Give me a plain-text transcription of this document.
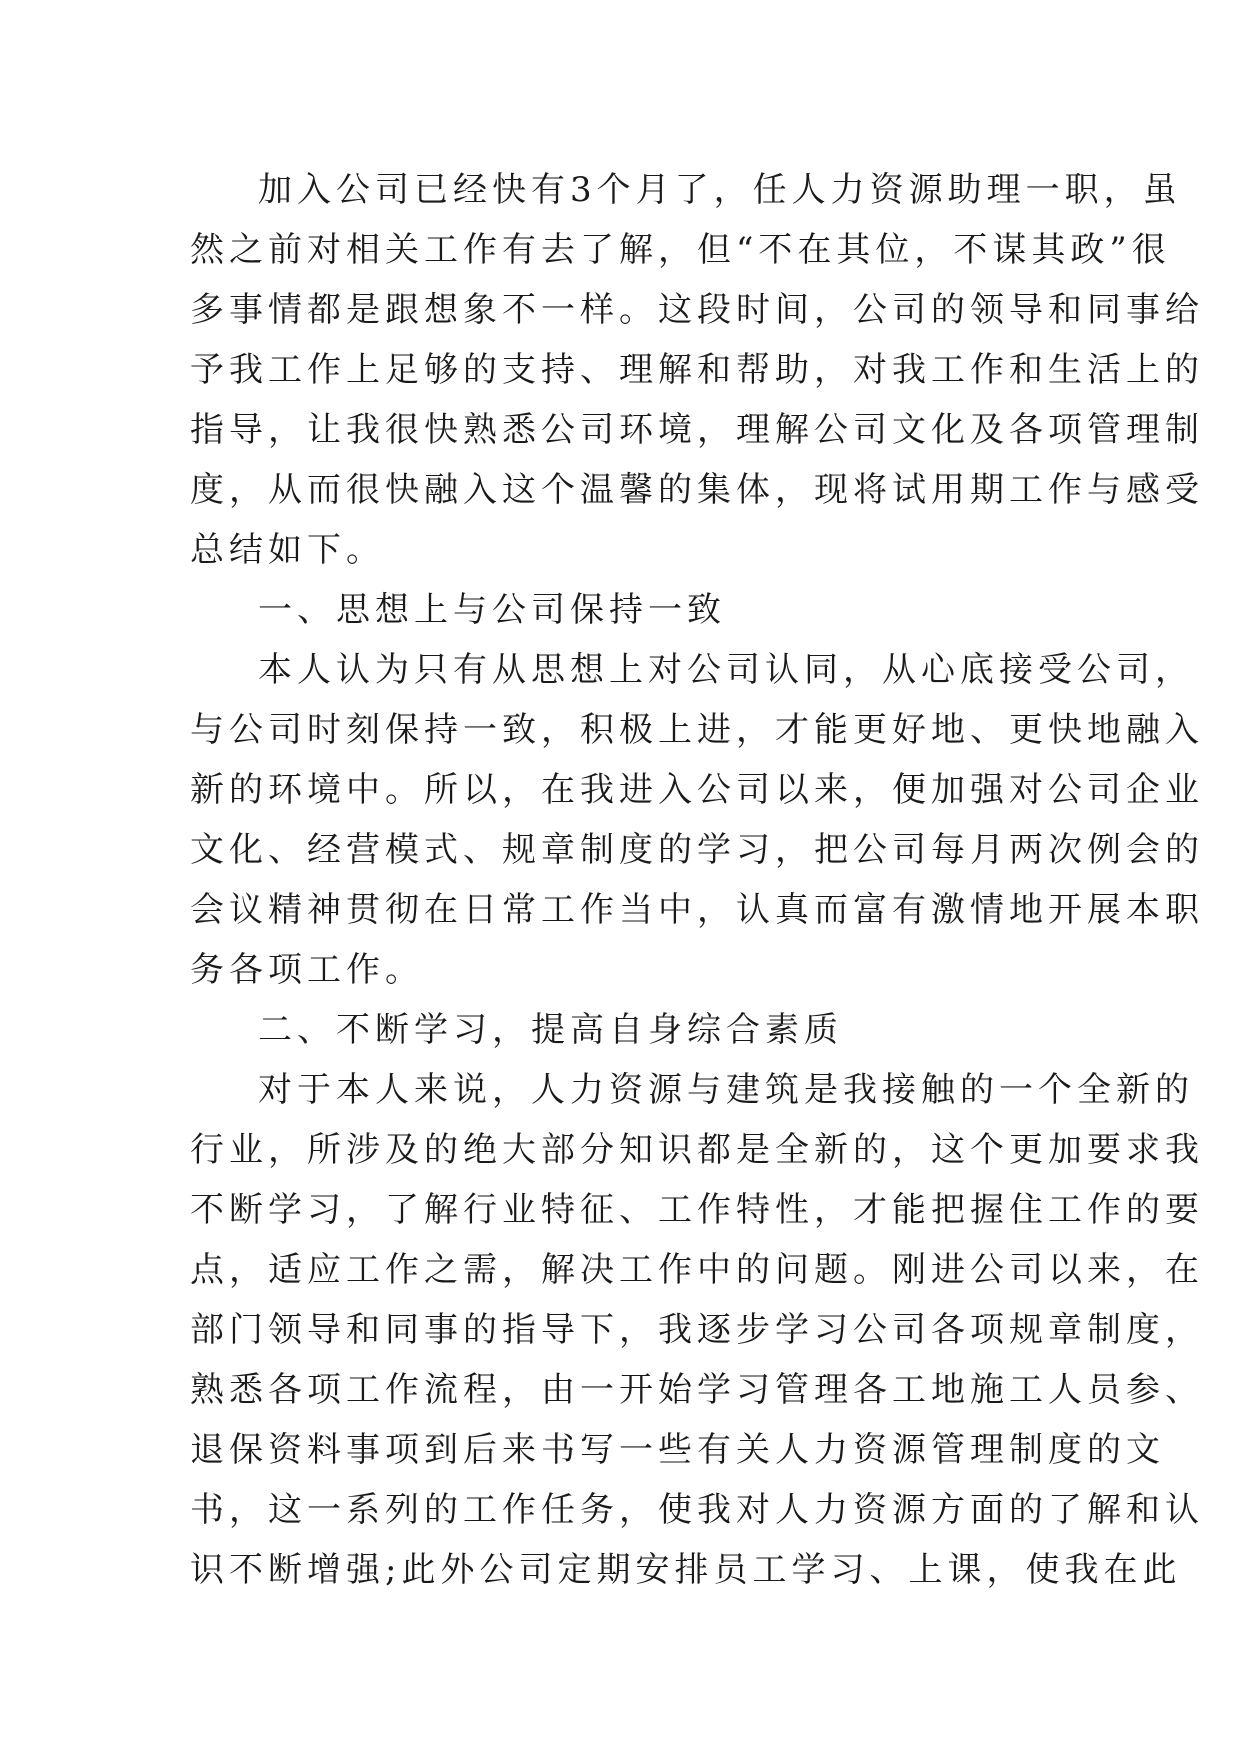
加入公司已经快有3个月了，任人力资源助理一职，虽
然之前对相关工作有去了解，但“不在其位，不谋其政”很
多事情都是跟想象不一样。这段时间，公司的领导和同事给
予我工作上足够的支持、理解和帮助，对我工作和生活上的
指导，让我很快熟悉公司环境，理解公司文化及各项管理制
度，从而很快融入这个温馨的集体，现将试用期工作与感受
总结如下。
一、思想上与公司保持一致
本人认为只有从思想上对公司认同，从心底接受公司，
与公司时刻保持一致，积极上进，才能更好地、更快地融入
新的环境中。所以，在我进入公司以来，便加强对公司企业
文化、经营模式、规章制度的学习，把公司每月两次例会的
会议精神贯彻在日常工作当中，认真而富有激情地开展本职
务各项工作。
二、不断学习，提高自身综合素质
对于本人来说，人力资源与建筑是我接触的一个全新的
行业，所涉及的绝大部分知识都是全新的，这个更加要求我
不断学习，了解行业特征、工作特性，才能把握住工作的要
点，适应工作之需，解决工作中的问题。刚进公司以来，在
部门领导和同事的指导下，我逐步学习公司各项规章制度，
熟悉各项工作流程，由一开始学习管理各工地施工人员参、
退保资料事项到后来书写一些有关人力资源管理制度的文
书，这一系列的工作任务，使我对人力资源方面的了解和认
识不断增强;此外公司定期安排员工学习、上课，使我在此
